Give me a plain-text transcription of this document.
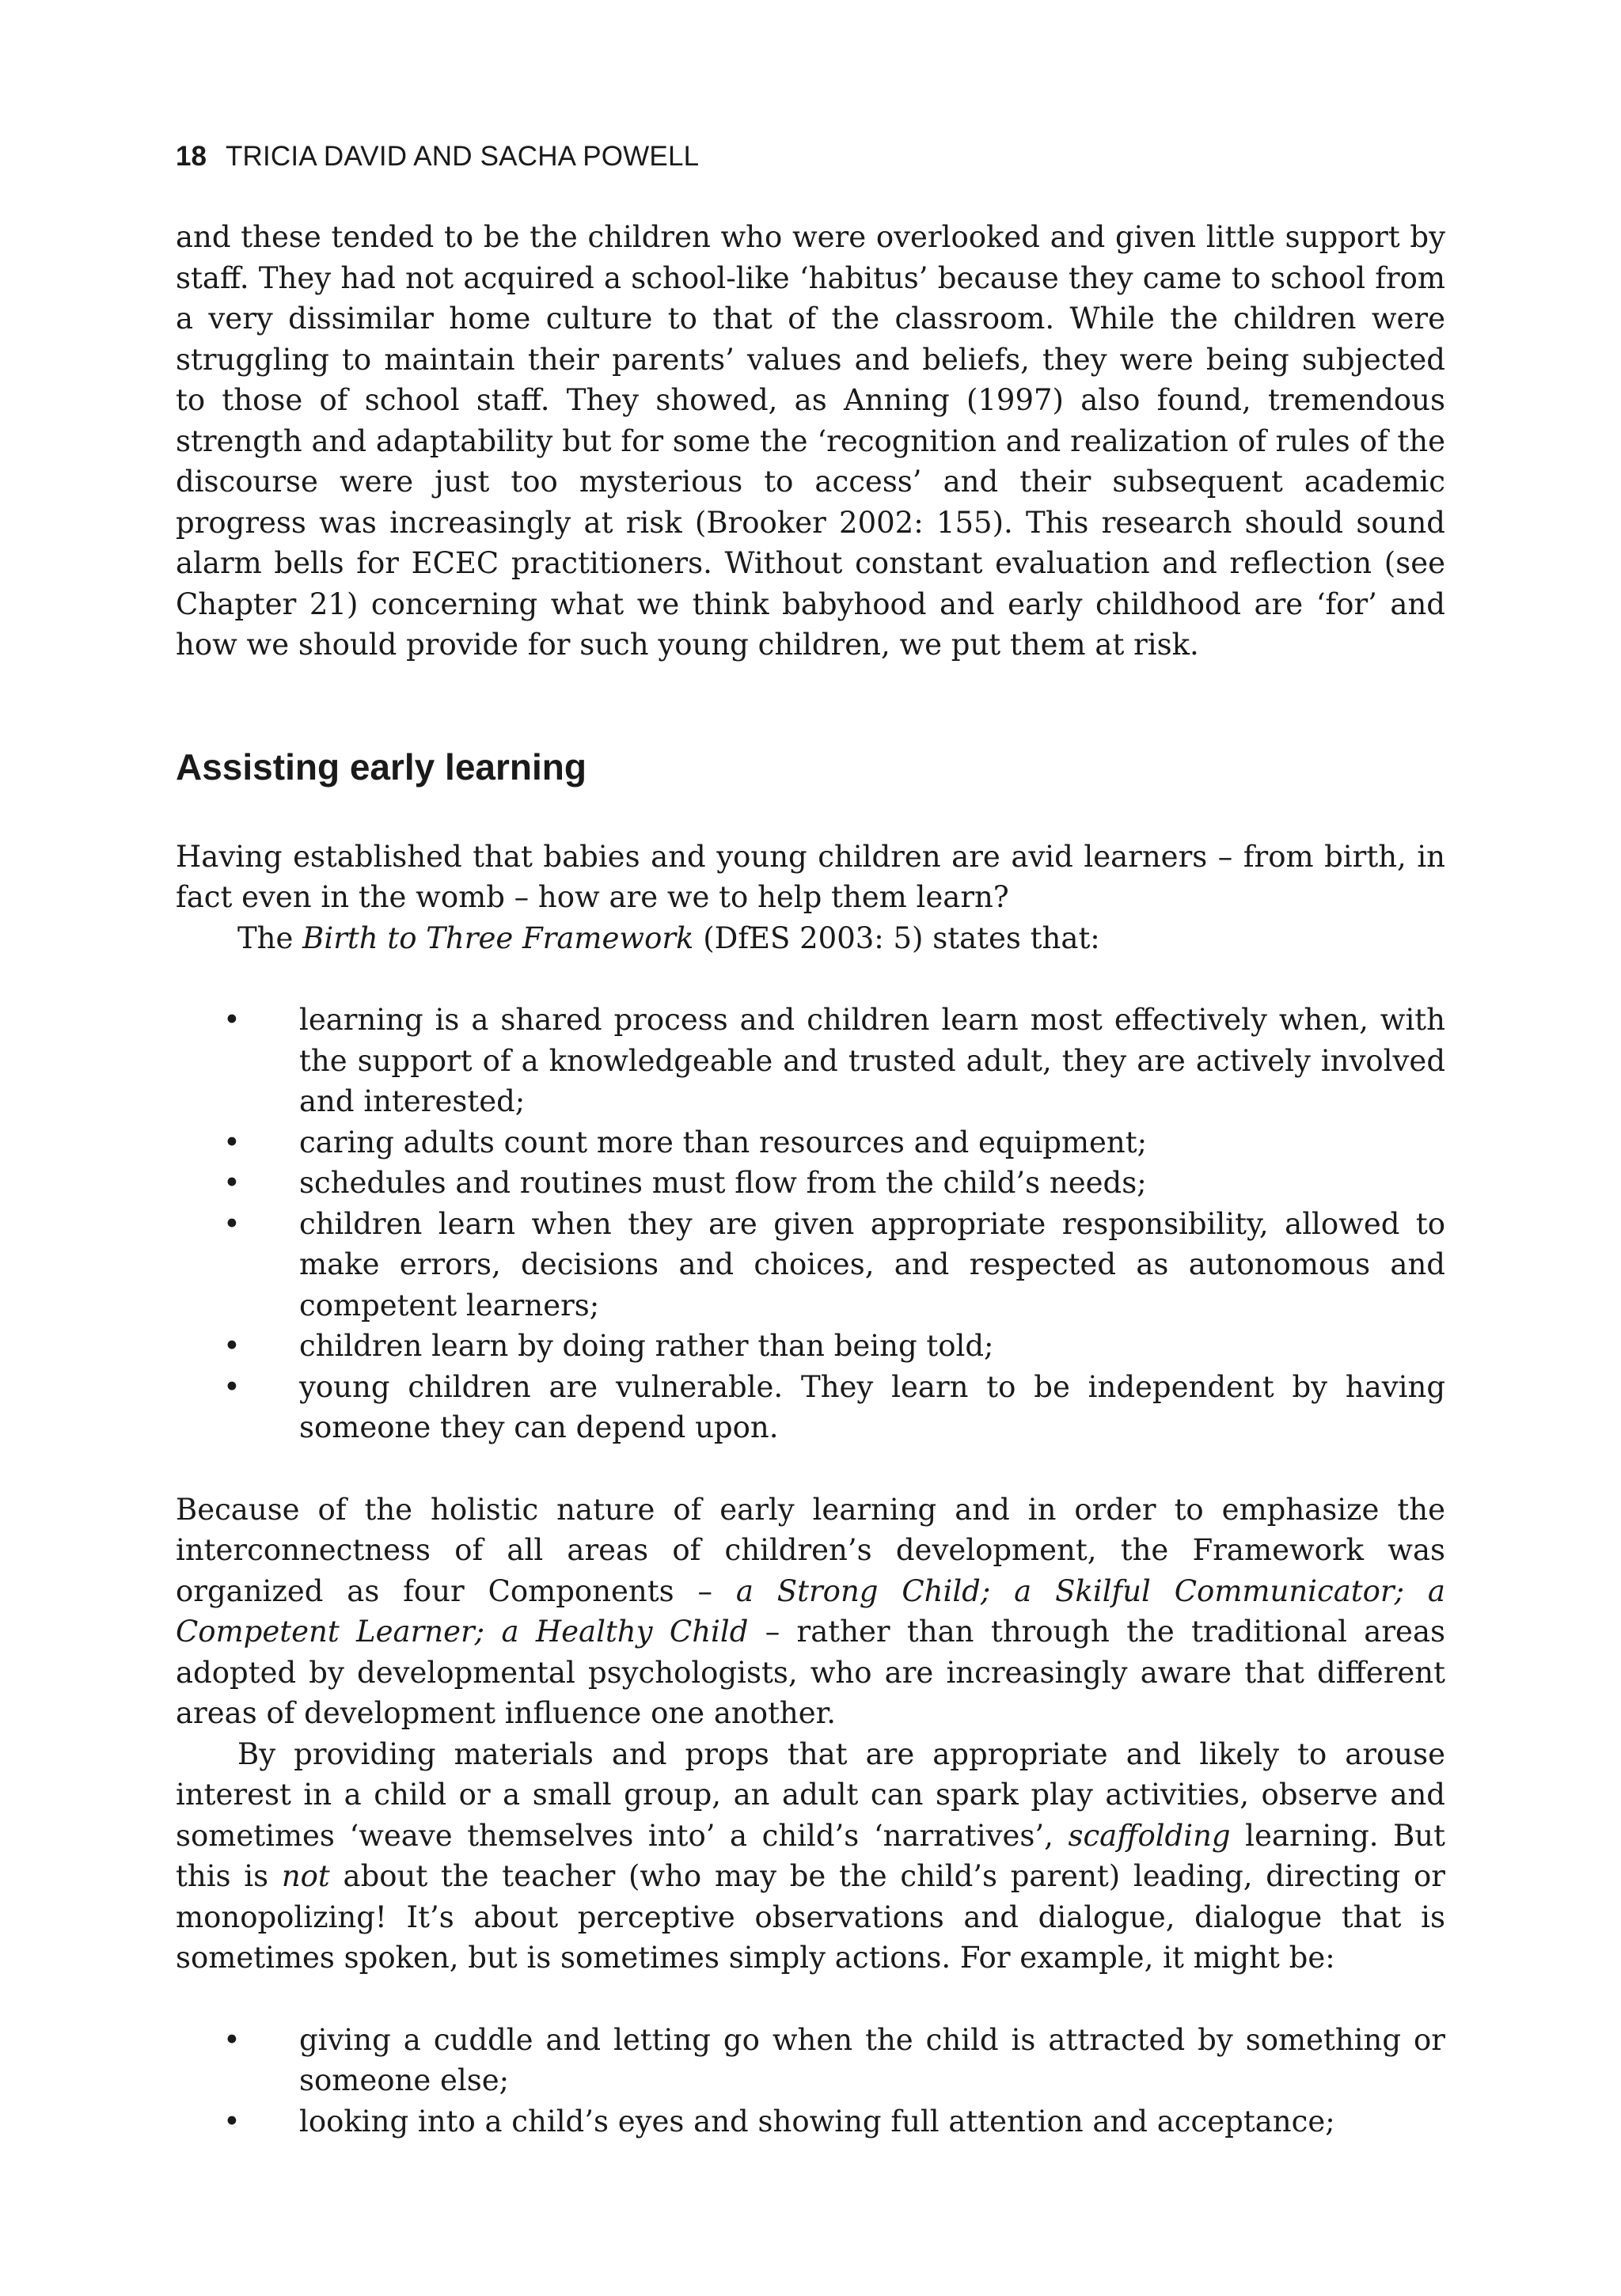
18 TRICIA DAVID AND SACHA POWELL

and these tended to be the children who were overlooked and given little support by staff. They had not acquired a school-like ‘habitus’ because they came to school from a very dissimilar home culture to that of the classroom. While the children were struggling to maintain their parents’ values and beliefs, they were being subjected to those of school staff. They showed, as Anning (1997) also found, tremendous strength and adaptability but for some the ‘recognition and realization of rules of the discourse were just too mysterious to access’ and their subsequent academic progress was increasingly at risk (Brooker 2002: 155). This research should sound alarm bells for ECEC practitioners. Without constant evaluation and reflection (see Chapter 21) concerning what we think babyhood and early childhood are ‘for’ and how we should provide for such young children, we put them at risk.

Assisting early learning

Having established that babies and young children are avid learners – from birth, in fact even in the womb – how are we to help them learn?

The Birth to Three Framework (DfES 2003: 5) states that:

• learning is a shared process and children learn most effectively when, with the support of a knowledgeable and trusted adult, they are actively involved and interested;
• caring adults count more than resources and equipment;
• schedules and routines must flow from the child’s needs;
• children learn when they are given appropriate responsibility, allowed to make errors, decisions and choices, and respected as autonomous and competent learners;
• children learn by doing rather than being told;
• young children are vulnerable. They learn to be independent by having someone they can depend upon.

Because of the holistic nature of early learning and in order to emphasize the interconnectness of all areas of children’s development, the Framework was organized as four Components – a Strong Child; a Skilful Communicator; a Competent Learner; a Healthy Child – rather than through the traditional areas adopted by developmental psychologists, who are increasingly aware that different areas of development influence one another.

By providing materials and props that are appropriate and likely to arouse interest in a child or a small group, an adult can spark play activities, observe and sometimes ‘weave themselves into’ a child’s ‘narratives’, scaffolding learning. But this is not about the teacher (who may be the child’s parent) leading, directing or monopolizing! It’s about perceptive observations and dialogue, dialogue that is sometimes spoken, but is sometimes simply actions. For example, it might be:

• giving a cuddle and letting go when the child is attracted by something or someone else;
• looking into a child’s eyes and showing full attention and acceptance;
